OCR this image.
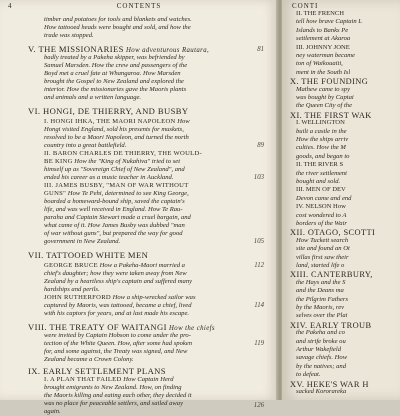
4	CONTENTS
timber and potatoes for tools and blankets and watches.
How tattooed heads were bought and sold, and how the
trade was stopped.
V. THE MISSIONARIES How adventurous Rautara,	81
badly treated by a Pakeha skipper, was befriended by
Samuel Marsden. How the crew and passengers of the
Boyd met a cruel fate at Whangaroa. How Marsden
brought the Gospel to New Zealand and explored the
interior. How the missionaries gave the Maoris plants
and animals and a written language.
VI. HONGI, DE THIERRY, AND BUSBY
I. HONGI IHKA, THE MAORI NAPOLEON How
Hongi visited England, sold his presents for muskets,
resolved to be a Maori Napoleon, and turned the north
country into a great battlefield.	89
II. BARON CHARLES DE THIERRY, THE WOULD-
BE KING How the "King of Nukahiva" tried to set
himself up as "Sovereign Chief of New Zealand", and
ended his career as a music teacher in Auckland.	103
III. JAMES BUSBY, "MAN OF WAR WITHOUT
GUNS" How Te Pehi, determined to see King George,
boarded a homeward-bound ship, saved the captain's
life, and was well received in England. How Te Rau-
paraha and Captain Stewart made a cruel bargain, and
what came of it. How James Busby was dubbed "man
of war without guns", but prepared the way for good
government in New Zealand.	105
VII. TATTOOED WHITE MEN
GEORGE BRUCE How a Pakeha-Maori married a	112
chief's daughter; how they were taken away from New
Zealand by a heartless ship's captain and suffered many
hardships and perils.
JOHN RUTHERFORD How a ship-wrecked sailor was
captured by Maoris, was tattooed, became a chief, lived
with his captors for years, and at last made his escape.
114
VIII. THE TREATY OF WAITANGI How the chiefs
were invited by Captain Hobson to come under the pro-
tection of the White Queen. How, after some had spoken
for, and some against, the Treaty was signed, and New
Zealand became a Crown Colony.
119
IX. EARLY SETTLEMENT PLANS
I. A PLAN THAT FAILED How Captain Herd
brought emigrants to New Zealand. How, on finding
the Maoris killing and eating each other, they decided it
was no place for peaceable settlers, and sailed away
again.
126
CONTI
II. THE FRENCH
tell how brave Captain L
Islands to Banks Pe
settlement at Akaroa
III. JOHNNY JONE
ney waterman became
ton of Waikouaiti,
ment in the South Isl
X. THE FOUNDING
Mathew came to spy
was bought by Captai
the Queen City of the
XI. THE FIRST WAK
I. WELLINGTON
built a castle in the
How the ships arriv
culties. How the M
goods, and began to
II. THE RIVER S
the river settlement
bought and sold.
III. MEN OF DEV
Devon came and end
IV. NELSON How
cost wondered to A
borders of the Wair
XII. OTAGO, SCOTTI
How Tuckett search
site and found an Ot
villas first saw their
land, started life o
XIII. CANTERBURY,
the Hays and the S
and the Deans ma
the Pilgrim Fathers
by the Maoris, rev
selves over the Plai
XIV. EARLY TROUB
the Pakeha and co
and strife broke ou
Arthur Wakefield
savage chiefs. How
by the natives; and
to defeat.
XV. HEKE'S WAR H
sacked Kororareka
